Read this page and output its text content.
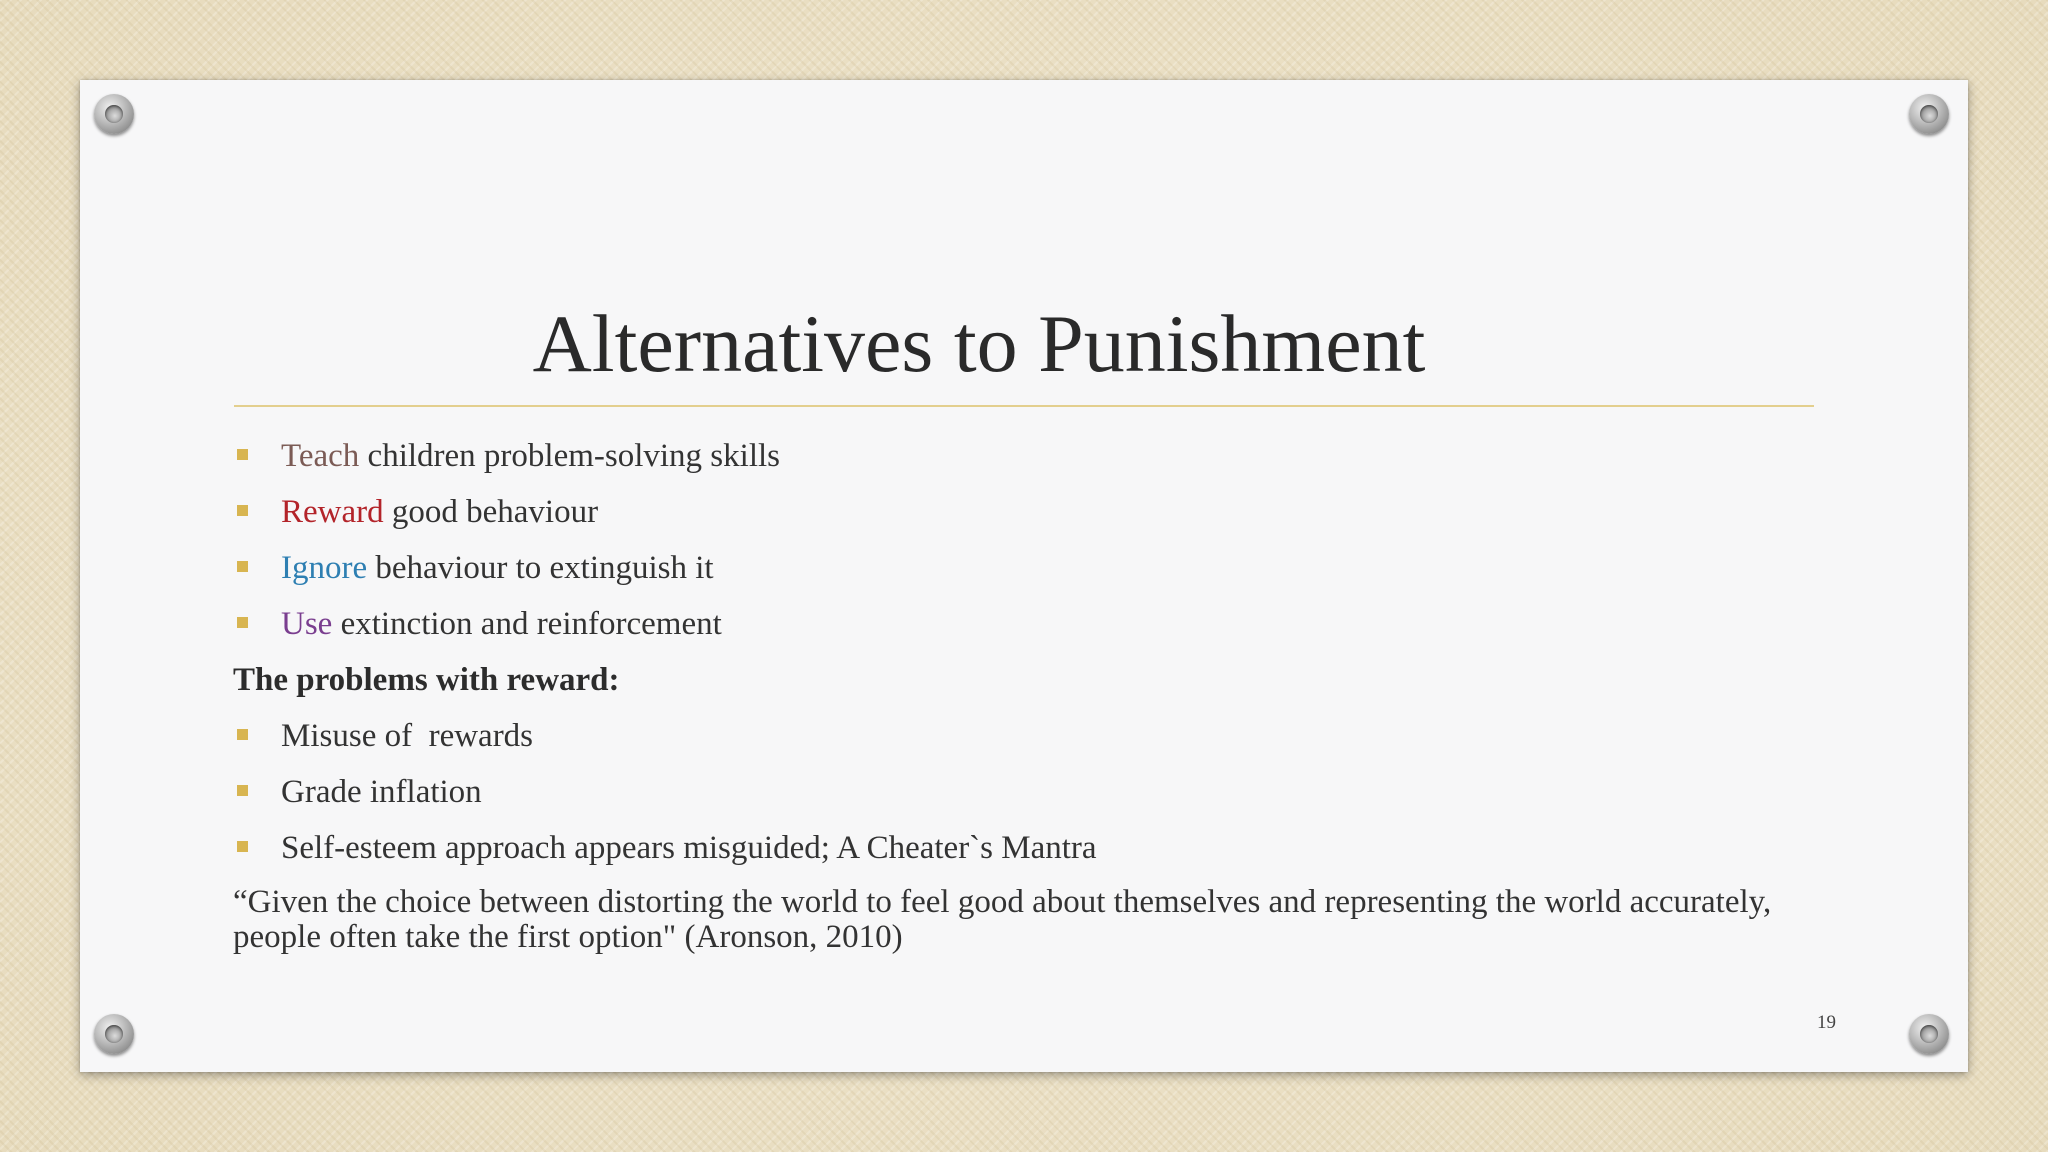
Alternatives to Punishment
Teach children problem-solving skills
Reward good behaviour
Ignore behaviour to extinguish it
Use extinction and reinforcement
The problems with reward:
Misuse of  rewards
Grade inflation
Self-esteem approach appears misguided; A Cheater`s Mantra
“Given the choice between distorting the world to feel good about themselves and representing the world accurately, people often take the first option" (Aronson, 2010)
19
